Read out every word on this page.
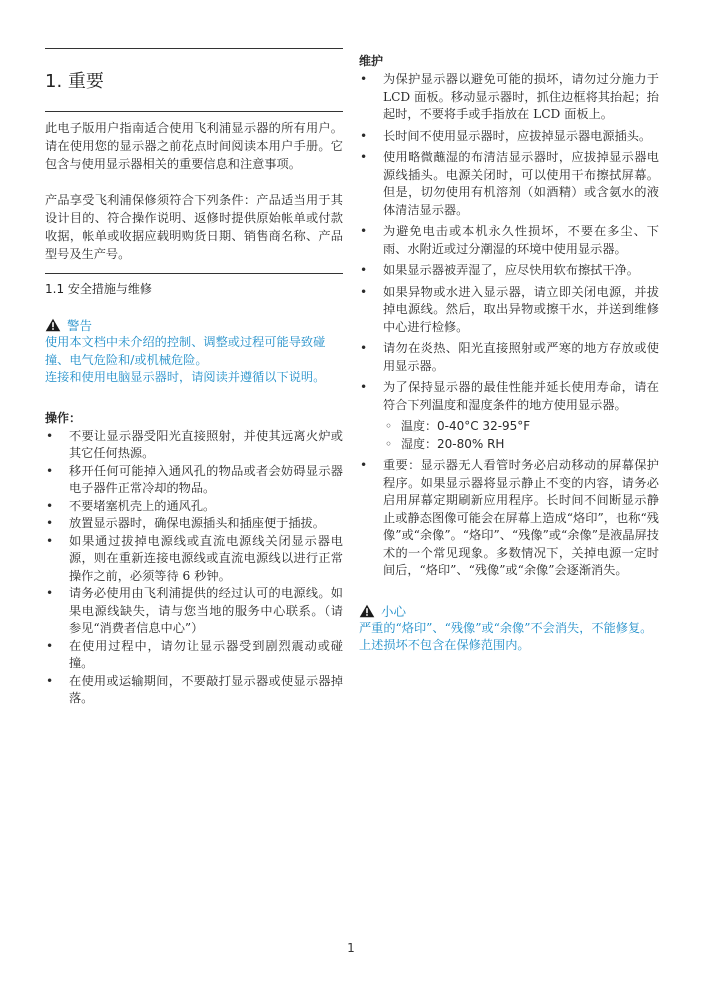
1. 重要

此电子版用户指南适合使用飞利浦显示器的所有用户。请在使用您的显示器之前花点时间阅读本用户手册。它包含与使用显示器相关的重要信息和注意事项。

产品享受飞利浦保修须符合下列条件：产品适当用于其设计目的、符合操作说明、返修时提供原始帐单或付款收据，帐单或收据应载明购货日期、销售商名称、产品型号及生产号。

1.1 安全措施与维修
警告

使用本文档中未介绍的控制、调整或过程可能导致碰撞、电气危险和/或机械危险。

连接和使用电脑显示器时，请阅读并遵循以下说明。

操作：
• 不要让显示器受阳光直接照射，并使其远离火炉或其它任何热源。
• 移开任何可能掉入通风孔的物品或者会妨碍显示器电子器件正常冷却的物品。
• 不要堵塞机壳上的通风孔。
• 放置显示器时，确保电源插头和插座便于插拔。
• 如果通过拔掉电源线或直流电源线关闭显示器电源，则在重新连接电源线或直流电源线以进行正常操作之前，必须等待 6 秒钟。
• 请务必使用由飞利浦提供的经过认可的电源线。如果电源线缺失，请与您当地的服务中心联系。（请参见“消费者信息中心”）
• 在使用过程中，请勿让显示器受到剧烈震动或碰撞。
• 在使用或运输期间，不要敲打显示器或使显示器掉落。
维护
• 为保护显示器以避免可能的损坏，请勿过分施力于 LCD 面板。移动显示器时，抓住边框将其抬起；抬起时，不要将手或手指放在 LCD 面板上。
• 长时间不使用显示器时，应拔掉显示器电源插头。
• 使用略微蘸湿的布清洁显示器时，应拔掉显示器电源线插头。电源关闭时，可以使用干布擦拭屏幕。但是，切勿使用有机溶剂（如酒精）或含氨水的液体清洁显示器。
• 为避免电击或本机永久性损坏，不要在多尘、下雨、水附近或过分潮湿的环境中使用显示器。
• 如果显示器被弄湿了，应尽快用软布擦拭干净。
• 如果异物或水进入显示器，请立即关闭电源，并拔掉电源线。然后，取出异物或擦干水，并送到维修中心进行检修。
• 请勿在炎热、阳光直接照射或严寒的地方存放或使用显示器。
• 为了保持显示器的最佳性能并延长使用寿命，请在符合下列温度和湿度条件的地方使用显示器。
◦ 温度：0-40°C 32-95°F
◦ 湿度：20-80% RH
• 重要：显示器无人看管时务必启动移动的屏幕保护程序。如果显示器将显示静止不变的内容，请务必启用屏幕定期刷新应用程序。长时间不间断显示静止或静态图像可能会在屏幕上造成“烙印”，也称“残像”或“余像”。“烙印”、“残像”或“余像”是液晶屏技术的一个常见现象。多数情况下，关掉电源一定时间后，“烙印”、“残像”或“余像”会逐渐消失。
小心

严重的“烙印”、“残像”或“余像”不会消失，不能修复。上述损坏不包含在保修范围内。

1
